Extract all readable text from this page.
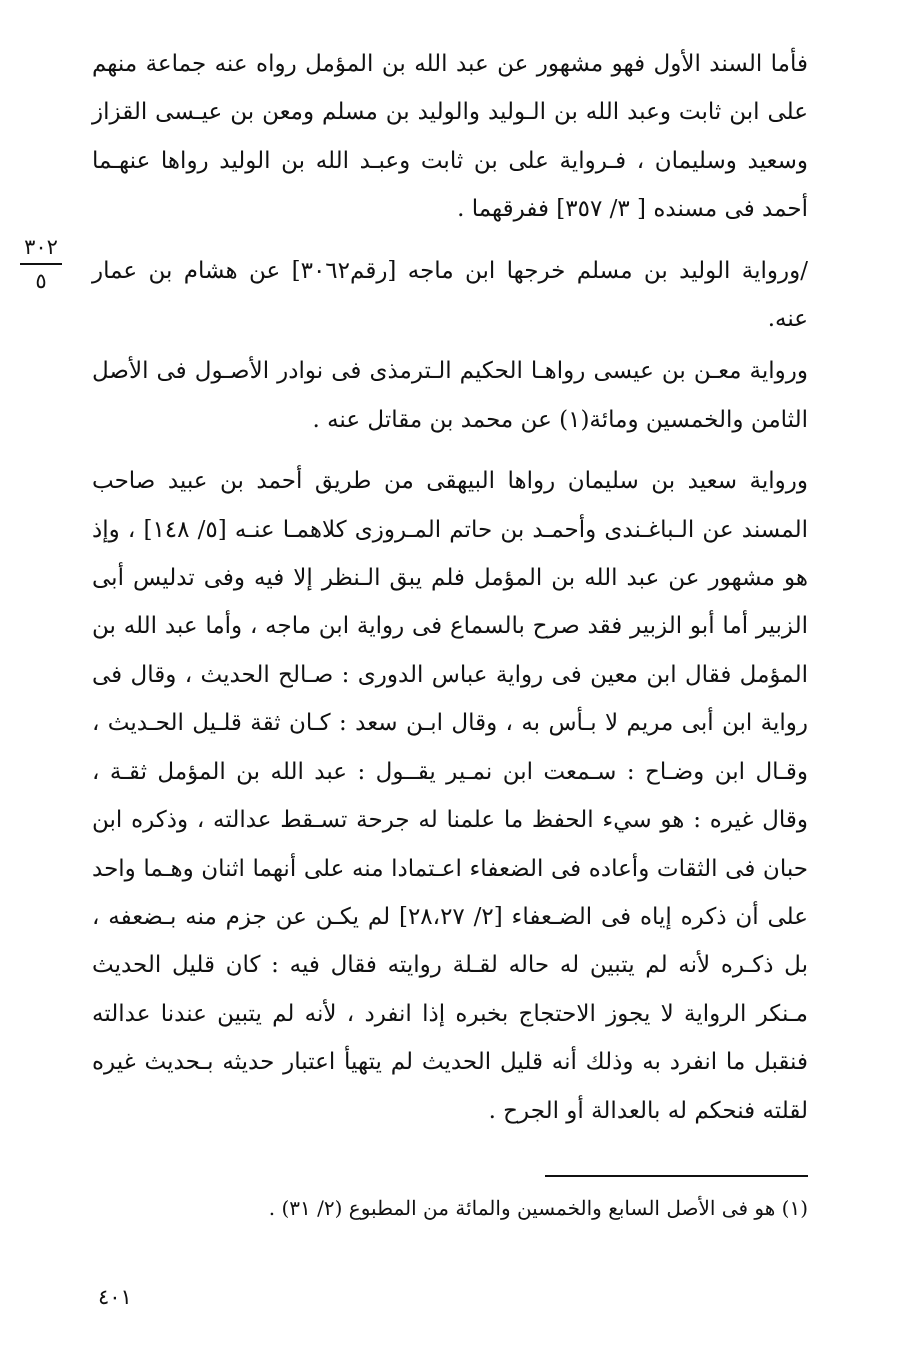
فأما السند الأول فهو مشهور عن عبد الله بن المؤمل رواه عنه جماعة منهم على ابن ثابت وعبد الله بن الـوليد والوليد بن مسلم ومعن بن عيـسى القزاز وسعيد وسليمان ، فـرواية على بن ثابت وعبـد الله بن الوليد رواها عنهـما أحمد فى مسنده [ ٣/ ٣٥٧] ففرقهما .

/ورواية الوليد بن مسلم خرجها ابن ماجه [رقم٣٠٦٢] عن هشام بن عمار عنه.

ورواية معـن بن عيسى رواهـا الحكيم الـترمذى فى نوادر الأصـول فى الأصل الثامن والخمسين ومائة(١) عن محمد بن مقاتل عنه .

ورواية سعيد بن سليمان رواها البيهقى من طريق أحمد بن عبيد صاحب المسند عن الـباغـندى وأحمـد بن حاتم المـروزى كلاهمـا عنـه [٥/ ١٤٨] ، وإذ هو مشهور عن عبد الله بن المؤمل فلم يبق الـنظر إلا فيه وفى تدليس أبى الزبير أما أبو الزبير فقد صرح بالسماع فى رواية ابن ماجه ، وأما عبد الله بن المؤمل فقال ابن معين فى رواية عباس الدورى : صـالح الحديث ، وقال فى رواية ابن أبى مريم لا بـأس به ، وقال ابـن سعد : كـان ثقة قلـيل الحـديث ، وقـال ابن وضـاح : سـمعت ابن نمـير يقــول : عبد الله بن المؤمل ثقـة ، وقال غيره : هو سيء الحفظ ما علمنا له جرحة تسـقط عدالته ، وذكره ابن حبان فى الثقات وأعاده فى الضعفاء اعـتمادا منه على أنهما اثنان وهـما واحد على أن ذكره إياه فى الضـعفاء [٢/ ٢٨،٢٧] لم يكـن عن جزم منه بـضعفه ، بل ذكـره لأنه لم يتبين له حاله لقـلة روايته فقال فيه : كان قليل الحديث مـنكر الرواية لا يجوز الاحتجاج بخبره إذا انفرد ، لأنه لم يتبين عندنا عدالته فنقبل ما انفرد به وذلك أنه قليل الحديث لم يتهيأ اعتبار حديثه بـحديث غيره لقلته فنحكم له بالعدالة أو الجرح .

٣٠٢
٥
(١) هو فى الأصل السابع والخمسين والمائة من المطبوع (٢/ ٣١) .
٤٠١
